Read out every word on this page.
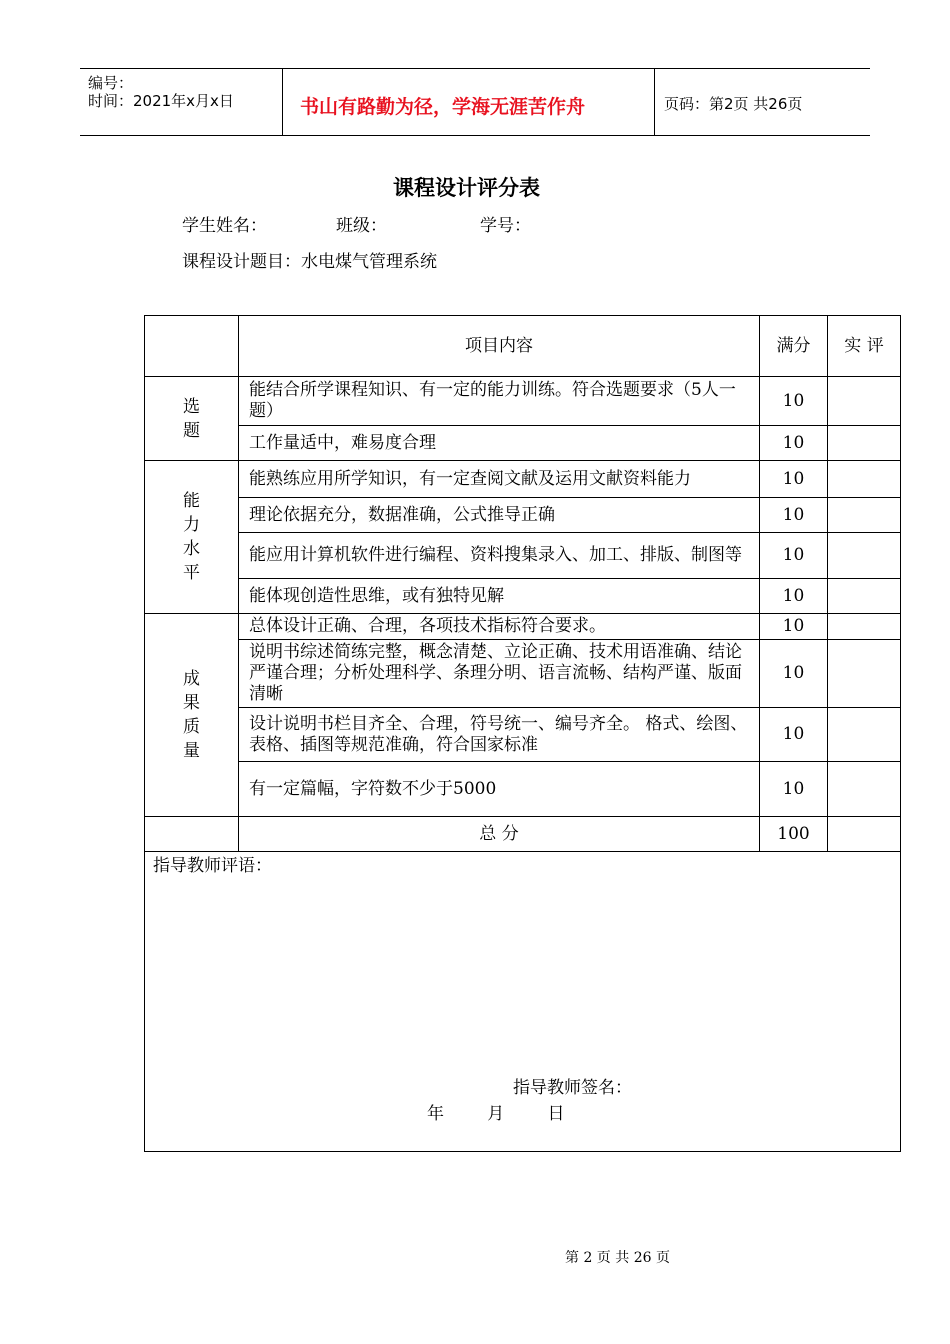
编号：
时间：2021年x月x日	书山有路勤为径，学海无涯苦作舟	页码：第2页 共26页
课程设计评分表
学生姓名：	班级：	学号：
课程设计题目：水电煤气管理系统
	项目内容	满分	实 评
选题	能结合所学课程知识、有一定的能力训练。符合选题要求（5人一题）	10	
	工作量适中，难易度合理	10	
能力水平	能熟练应用所学知识，有一定查阅文献及运用文献资料能力	10	
	理论依据充分，数据准确，公式推导正确	10	
	能应用计算机软件进行编程、资料搜集录入、加工、排版、制图等	10	
	能体现创造性思维，或有独特见解	10	
成果质量	总体设计正确、合理，各项技术指标符合要求。	10	
	说明书综述简练完整，概念清楚、立论正确、技术用语准确、结论严谨合理；分析处理科学、条理分明、语言流畅、结构严谨、版面清晰	10	
	设计说明书栏目齐全、合理，符号统一、编号齐全。 格式、绘图、表格、插图等规范准确，符合国家标准	10	
	有一定篇幅，字符数不少于5000	10	
	总 分	100	

指导教师评语：
指导教师签名：
年        月        日			
第 2 页 共 26 页
